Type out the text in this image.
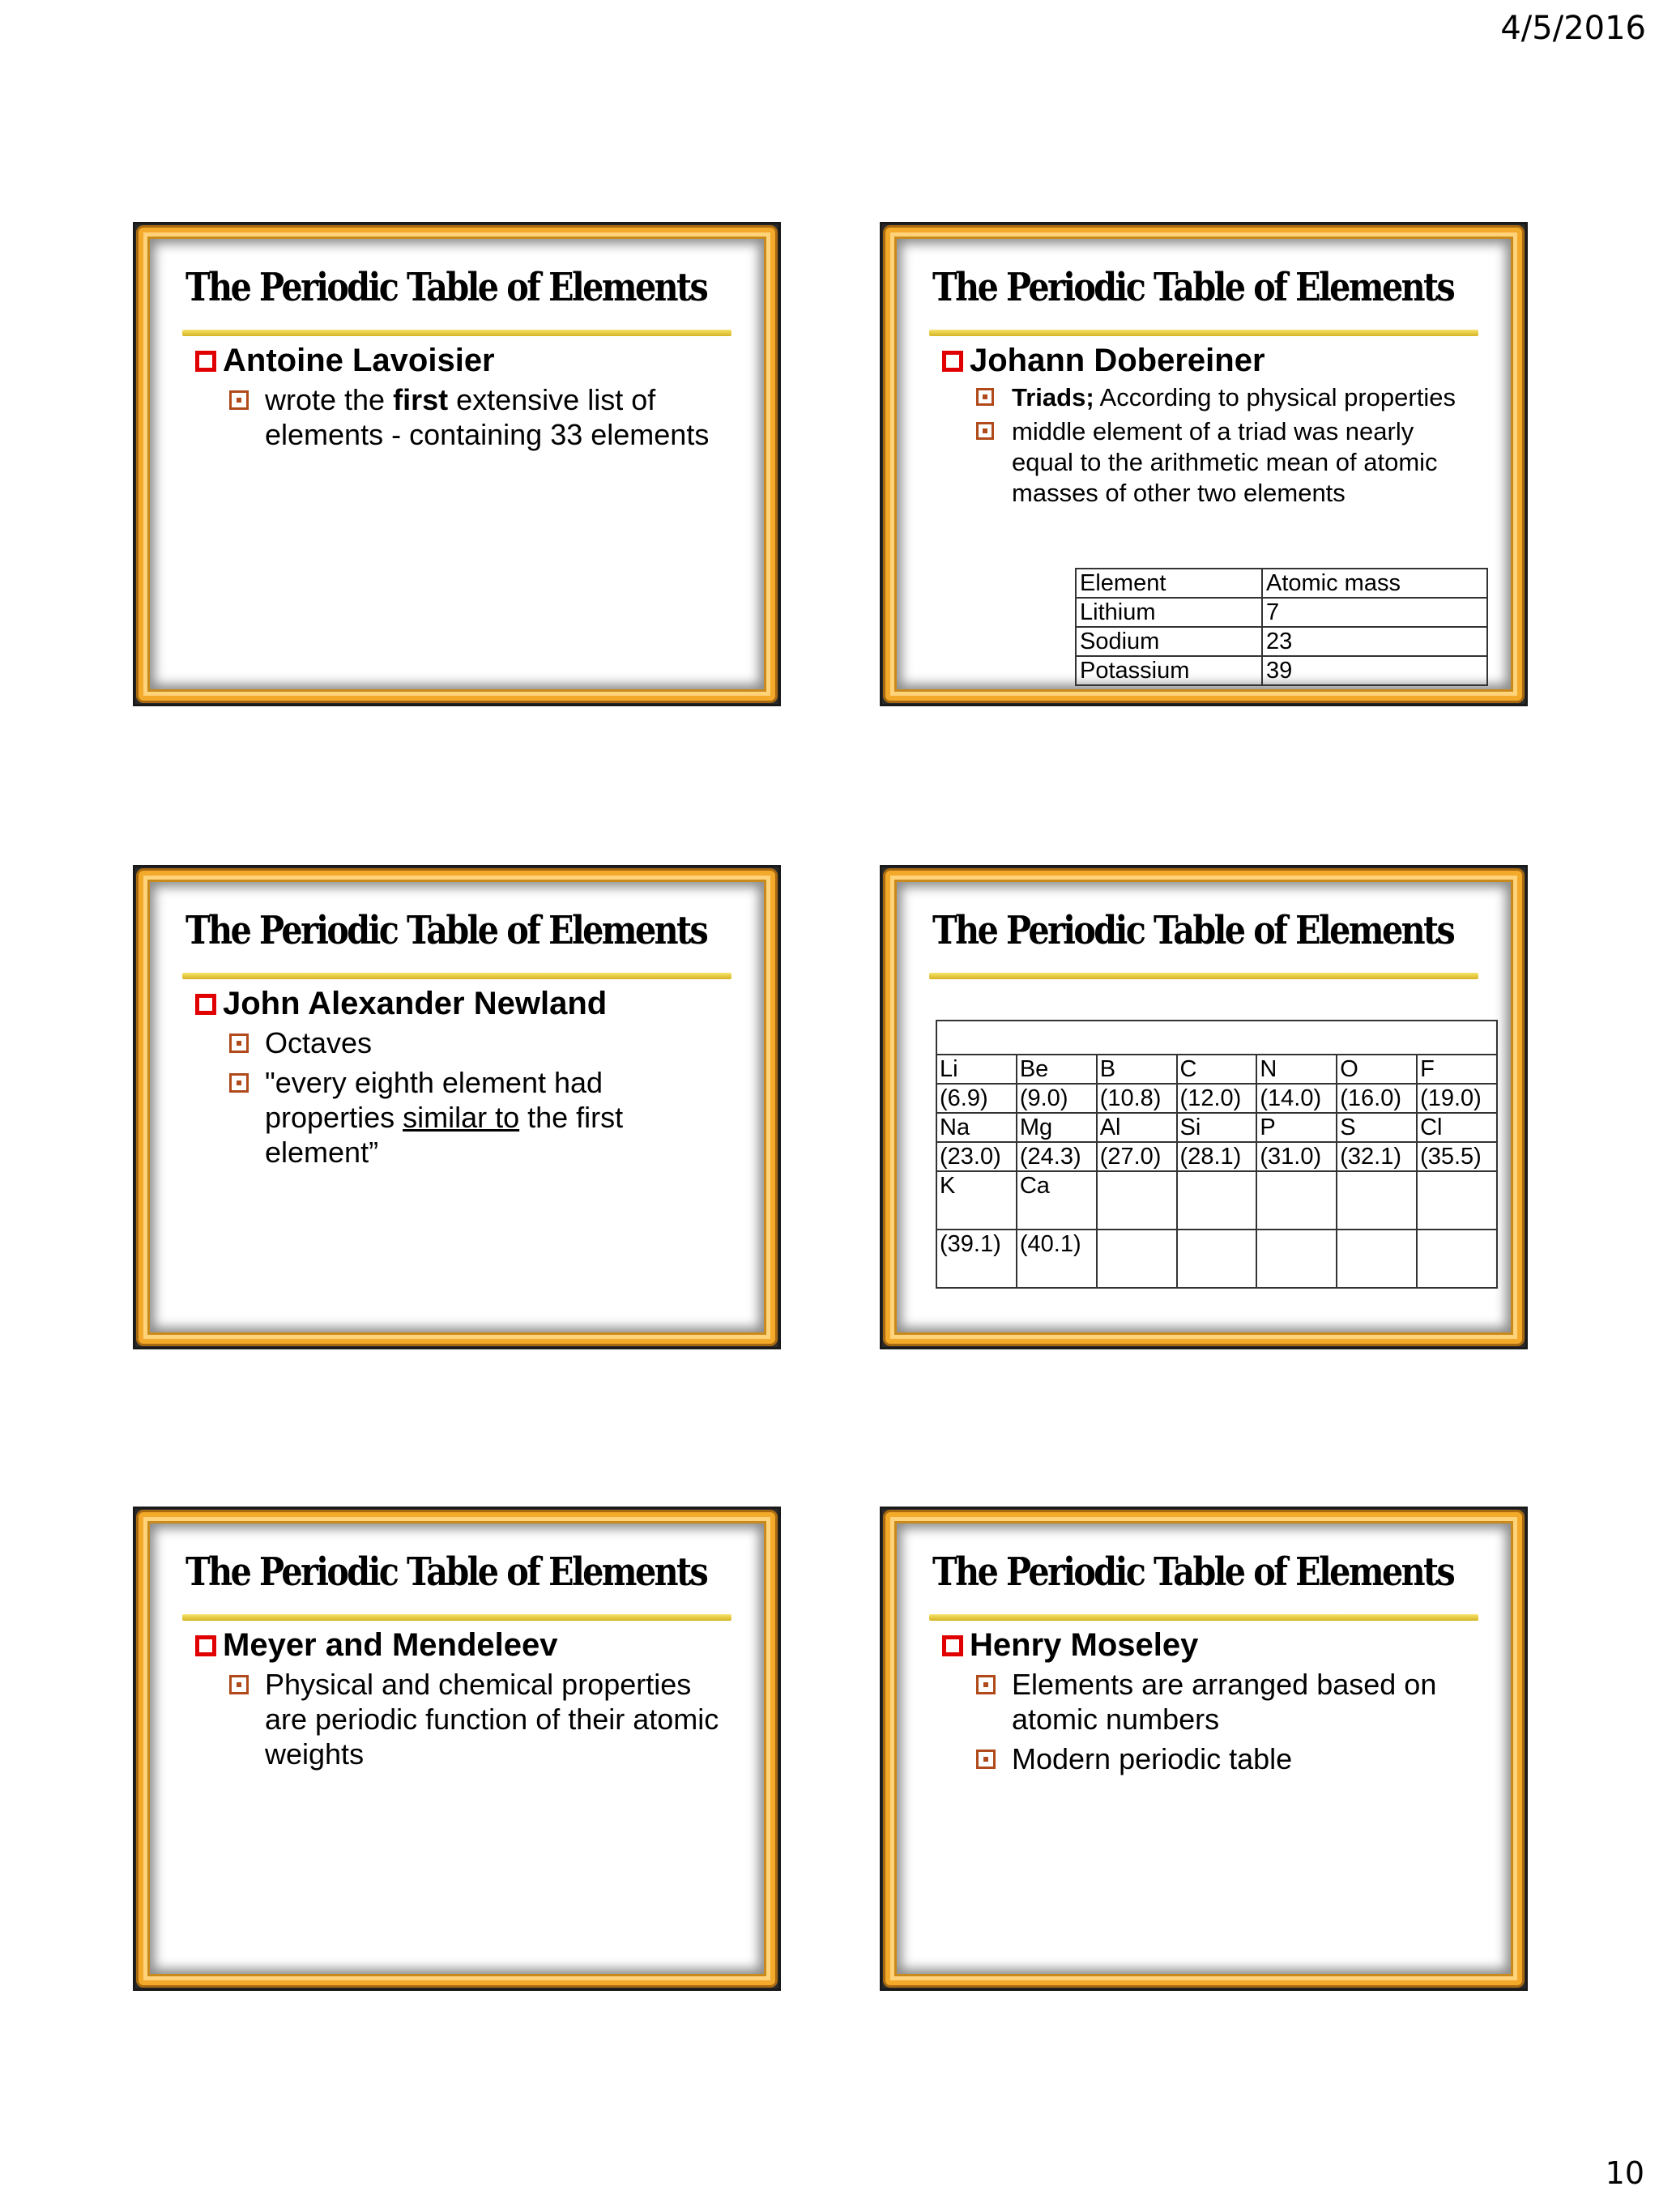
4/5/2016
The Periodic Table of Elements
Antoine Lavoisier
wrote the first extensive list of elements - containing 33 elements
The Periodic Table of Elements
Johann Dobereiner
Triads; According to physical properties
middle element of a triad was nearly equal to the arithmetic mean of atomic masses of other two elements
Element	Atomic mass
Lithium	7
Sodium	23
Potassium	39
The Periodic Table of Elements
John Alexander Newland
Octaves
"every eighth element had properties similar to the first element”
The Periodic Table of Elements

Li	Be	B	C	N	O	F
(6.9)	(9.0)	(10.8)	(12.0)	(14.0)	(16.0)	(19.0)
Na	Mg	Al	Si	P	S	Cl
(23.0)	(24.3)	(27.0)	(28.1)	(31.0)	(32.1)	(35.5)
K	Ca					
(39.1)	(40.1)					
The Periodic Table of Elements
Meyer and Mendeleev
Physical and chemical properties are periodic function of their atomic weights
The Periodic Table of Elements
Henry Moseley
Elements are arranged based on atomic numbers
Modern periodic table
10
